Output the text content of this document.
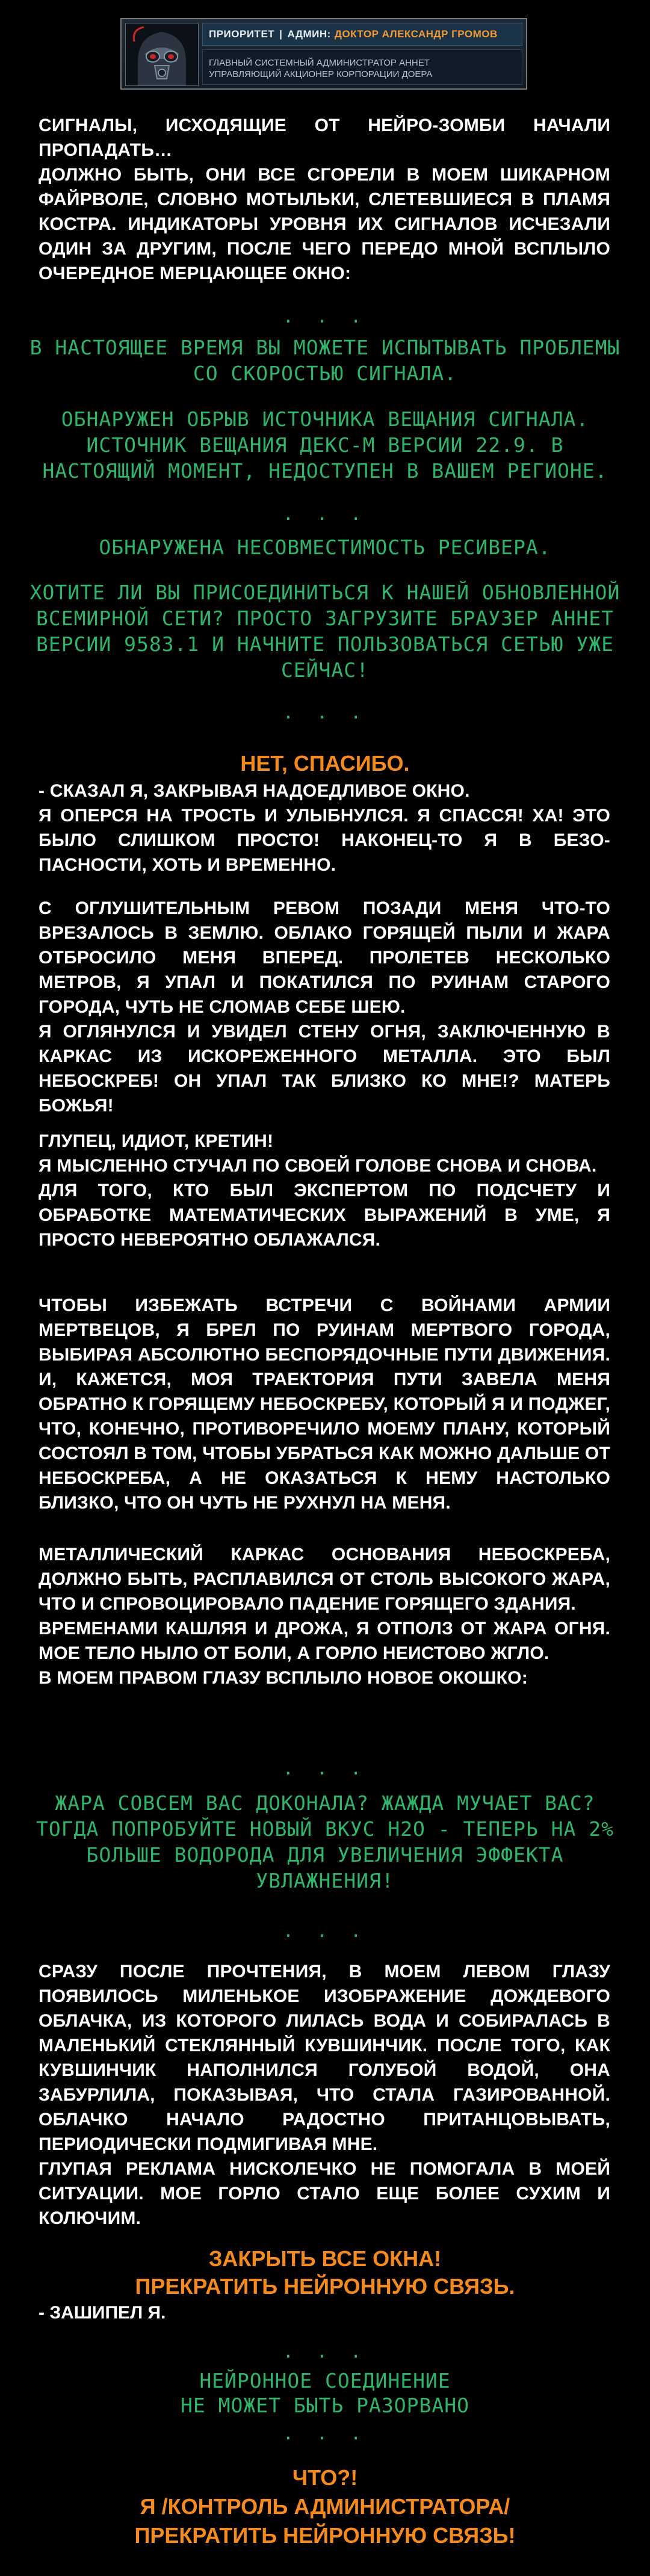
ПРИОРИТЕТ | АДМИН: ДОКТОР АЛЕКСАНДР ГРОМОВ
ГЛАВНЫЙ СИСТЕМНЫЙ АДМИНИСТРАТОР АННЕТ
УПРАВЛЯЮЩИЙ АКЦИОНЕР КОРПОРАЦИИ ДОЕРА

СИГНАЛЫ, ИСХОДЯЩИЕ ОТ НЕЙРО-ЗОМБИ НАЧАЛИ ПРОПАДАТЬ…

ДОЛЖНО БЫТЬ, ОНИ ВСЕ СГОРЕЛИ В МОЕМ ШИКАРНОМ ФАЙРВОЛЕ, СЛОВНО МОТЫЛЬКИ, СЛЕТЕВШИЕСЯ В ПЛАМЯ КОСТРА. ИНДИКАТОРЫ УРОВНЯ ИХ СИГНАЛОВ ИСЧЕЗАЛИ ОДИН ЗА ДРУГИМ, ПОСЛЕ ЧЕГО ПЕРЕДО МНОЙ ВСПЛЫЛО ОЧЕРЕДНОЕ МЕРЦАЮЩЕЕ ОКНО:

. . .
В НАСТОЯЩЕЕ ВРЕМЯ ВЫ МОЖЕТЕ ИСПЫТЫВАТЬ ПРОБЛЕМЫ СО СКОРОСТЬЮ СИГНАЛА.
ОБНАРУЖЕН ОБРЫВ ИСТОЧНИКА ВЕЩАНИЯ СИГНАЛА. ИСТОЧНИК ВЕЩАНИЯ ДЕКС-М ВЕРСИИ 22.9. В НАСТОЯЩИЙ МОМЕНТ, НЕДОСТУПЕН В ВАШЕМ РЕГИОНЕ.
. . .
ОБНАРУЖЕНА НЕСОВМЕСТИМОСТЬ РЕСИВЕРА.
ХОТИТЕ ЛИ ВЫ ПРИСОЕДИНИТЬСЯ К НАШЕЙ ОБНОВЛЕННОЙ ВСЕМИРНОЙ СЕТИ? ПРОСТО ЗАГРУЗИТЕ БРАУЗЕР АННЕТ ВЕРСИИ 9583.1 И НАЧНИТЕ ПОЛЬЗОВАТЬСЯ СЕТЬЮ УЖЕ СЕЙЧАС!
. . .
НЕТ, СПАСИБО.

- СКАЗАЛ Я, ЗАКРЫВАЯ НАДОЕДЛИВОЕ ОКНО.

Я ОПЕРСЯ НА ТРОСТЬ И УЛЫБНУЛСЯ. Я СПАССЯ! ХА! ЭТО БЫЛО СЛИШКОМ ПРОСТО! НАКОНЕЦ-ТО Я В БЕЗО-ПАСНОСТИ, ХОТЬ И ВРЕМЕННО.

С ОГЛУШИТЕЛЬНЫМ РЕВОМ ПОЗАДИ МЕНЯ ЧТО-ТО ВРЕЗАЛОСЬ В ЗЕМЛЮ. ОБЛАКО ГОРЯЩЕЙ ПЫЛИ И ЖАРА ОТБРОСИЛО МЕНЯ ВПЕРЕД. ПРОЛЕТЕВ НЕСКОЛЬКО МЕТРОВ, Я УПАЛ И ПОКАТИЛСЯ ПО РУИНАМ СТАРОГО ГОРОДА, ЧУТЬ НЕ СЛОМАВ СЕБЕ ШЕЮ.

Я ОГЛЯНУЛСЯ И УВИДЕЛ СТЕНУ ОГНЯ, ЗАКЛЮЧЕННУЮ В КАРКАС ИЗ ИСКОРЕЖЕННОГО МЕТАЛЛА. ЭТО БЫЛ НЕБОСКРЕБ! ОН УПАЛ ТАК БЛИЗКО КО МНЕ!? МАТЕРЬ БОЖЬЯ!

ГЛУПЕЦ, ИДИОТ, КРЕТИН!

Я МЫСЛЕННО СТУЧАЛ ПО СВОЕЙ ГОЛОВЕ СНОВА И СНОВА.

ДЛЯ ТОГО, КТО БЫЛ ЭКСПЕРТОМ ПО ПОДСЧЕТУ И ОБРАБОТКЕ МАТЕМАТИЧЕСКИХ ВЫРАЖЕНИЙ В УМЕ, Я ПРОСТО НЕВЕРОЯТНО ОБЛАЖАЛСЯ.

ЧТОБЫ ИЗБЕЖАТЬ ВСТРЕЧИ С ВОЙНАМИ АРМИИ МЕРТВЕЦОВ, Я БРЕЛ ПО РУИНАМ МЕРТВОГО ГОРОДА, ВЫБИРАЯ АБСОЛЮТНО БЕСПОРЯДОЧНЫЕ ПУТИ ДВИЖЕНИЯ. И, КАЖЕТСЯ, МОЯ ТРАЕКТОРИЯ ПУТИ ЗАВЕЛА МЕНЯ ОБРАТНО К ГОРЯЩЕМУ НЕБОСКРЕБУ, КОТОРЫЙ Я И ПОДЖЕГ, ЧТО, КОНЕЧНО, ПРОТИВОРЕЧИЛО МОЕМУ ПЛАНУ, КОТОРЫЙ СОСТОЯЛ В ТОМ, ЧТОБЫ УБРАТЬСЯ КАК МОЖНО ДАЛЬШЕ ОТ НЕБОСКРЕБА, А НЕ ОКАЗАТЬСЯ К НЕМУ НАСТОЛЬКО БЛИЗКО, ЧТО ОН ЧУТЬ НЕ РУХНУЛ НА МЕНЯ.

МЕТАЛЛИЧЕСКИЙ КАРКАС ОСНОВАНИЯ НЕБОСКРЕБА, ДОЛЖНО БЫТЬ, РАСПЛАВИЛСЯ ОТ СТОЛЬ ВЫСОКОГО ЖАРА, ЧТО И СПРОВОЦИРОВАЛО ПАДЕНИЕ ГОРЯЩЕГО ЗДАНИЯ.

ВРЕМЕНАМИ КАШЛЯЯ И ДРОЖА, Я ОТПОЛЗ ОТ ЖАРА ОГНЯ. МОЕ ТЕЛО НЫЛО ОТ БОЛИ, А ГОРЛО НЕИСТОВО ЖГЛО.

В МОЕМ ПРАВОМ ГЛАЗУ ВСПЛЫЛО НОВОЕ ОКОШКО:

. . .
ЖАРА СОВСЕМ ВАС ДОКОНАЛА? ЖАЖДА МУЧАЕТ ВАС? ТОГДА ПОПРОБУЙТЕ НОВЫЙ ВКУС H2O - ТЕПЕРЬ НА 2% БОЛЬШЕ ВОДОРОДА ДЛЯ УВЕЛИЧЕНИЯ ЭФФЕКТА УВЛАЖНЕНИЯ!
. . .

СРАЗУ ПОСЛЕ ПРОЧТЕНИЯ, В МОЕМ ЛЕВОМ ГЛАЗУ ПОЯВИЛОСЬ МИЛЕНЬКОЕ ИЗОБРАЖЕНИЕ ДОЖДЕВОГО ОБЛАЧКА, ИЗ КОТОРОГО ЛИЛАСЬ ВОДА И СОБИРАЛАСЬ В МАЛЕНЬКИЙ СТЕКЛЯННЫЙ КУВШИНЧИК. ПОСЛЕ ТОГО, КАК КУВШИНЧИК НАПОЛНИЛСЯ ГОЛУБОЙ ВОДОЙ, ОНА ЗАБУРЛИЛА, ПОКАЗЫВАЯ, ЧТО СТАЛА ГАЗИРОВАННОЙ. ОБЛАЧКО НАЧАЛО РАДОСТНО ПРИТАНЦОВЫВАТЬ, ПЕРИОДИЧЕСКИ ПОДМИГИВАЯ МНЕ.

ГЛУПАЯ РЕКЛАМА НИСКОЛЕЧКО НЕ ПОМОГАЛА В МОЕЙ СИТУАЦИИ. МОЕ ГОРЛО СТАЛО ЕЩЕ БОЛЕЕ СУХИМ И КОЛЮЧИМ.

ЗАКРЫТЬ ВСЕ ОКНА!
ПРЕКРАТИТЬ НЕЙРОННУЮ СВЯЗЬ.
- ЗАШИПЕЛ Я.
. . .
НЕЙРОННОЕ СОЕДИНЕНИЕ
НЕ МОЖЕТ БЫТЬ РАЗОРВАНО
. . .
ЧТО?!
Я /КОНТРОЛЬ АДМИНИСТРАТОРА/
ПРЕКРАТИТЬ НЕЙРОННУЮ СВЯЗЬ!
